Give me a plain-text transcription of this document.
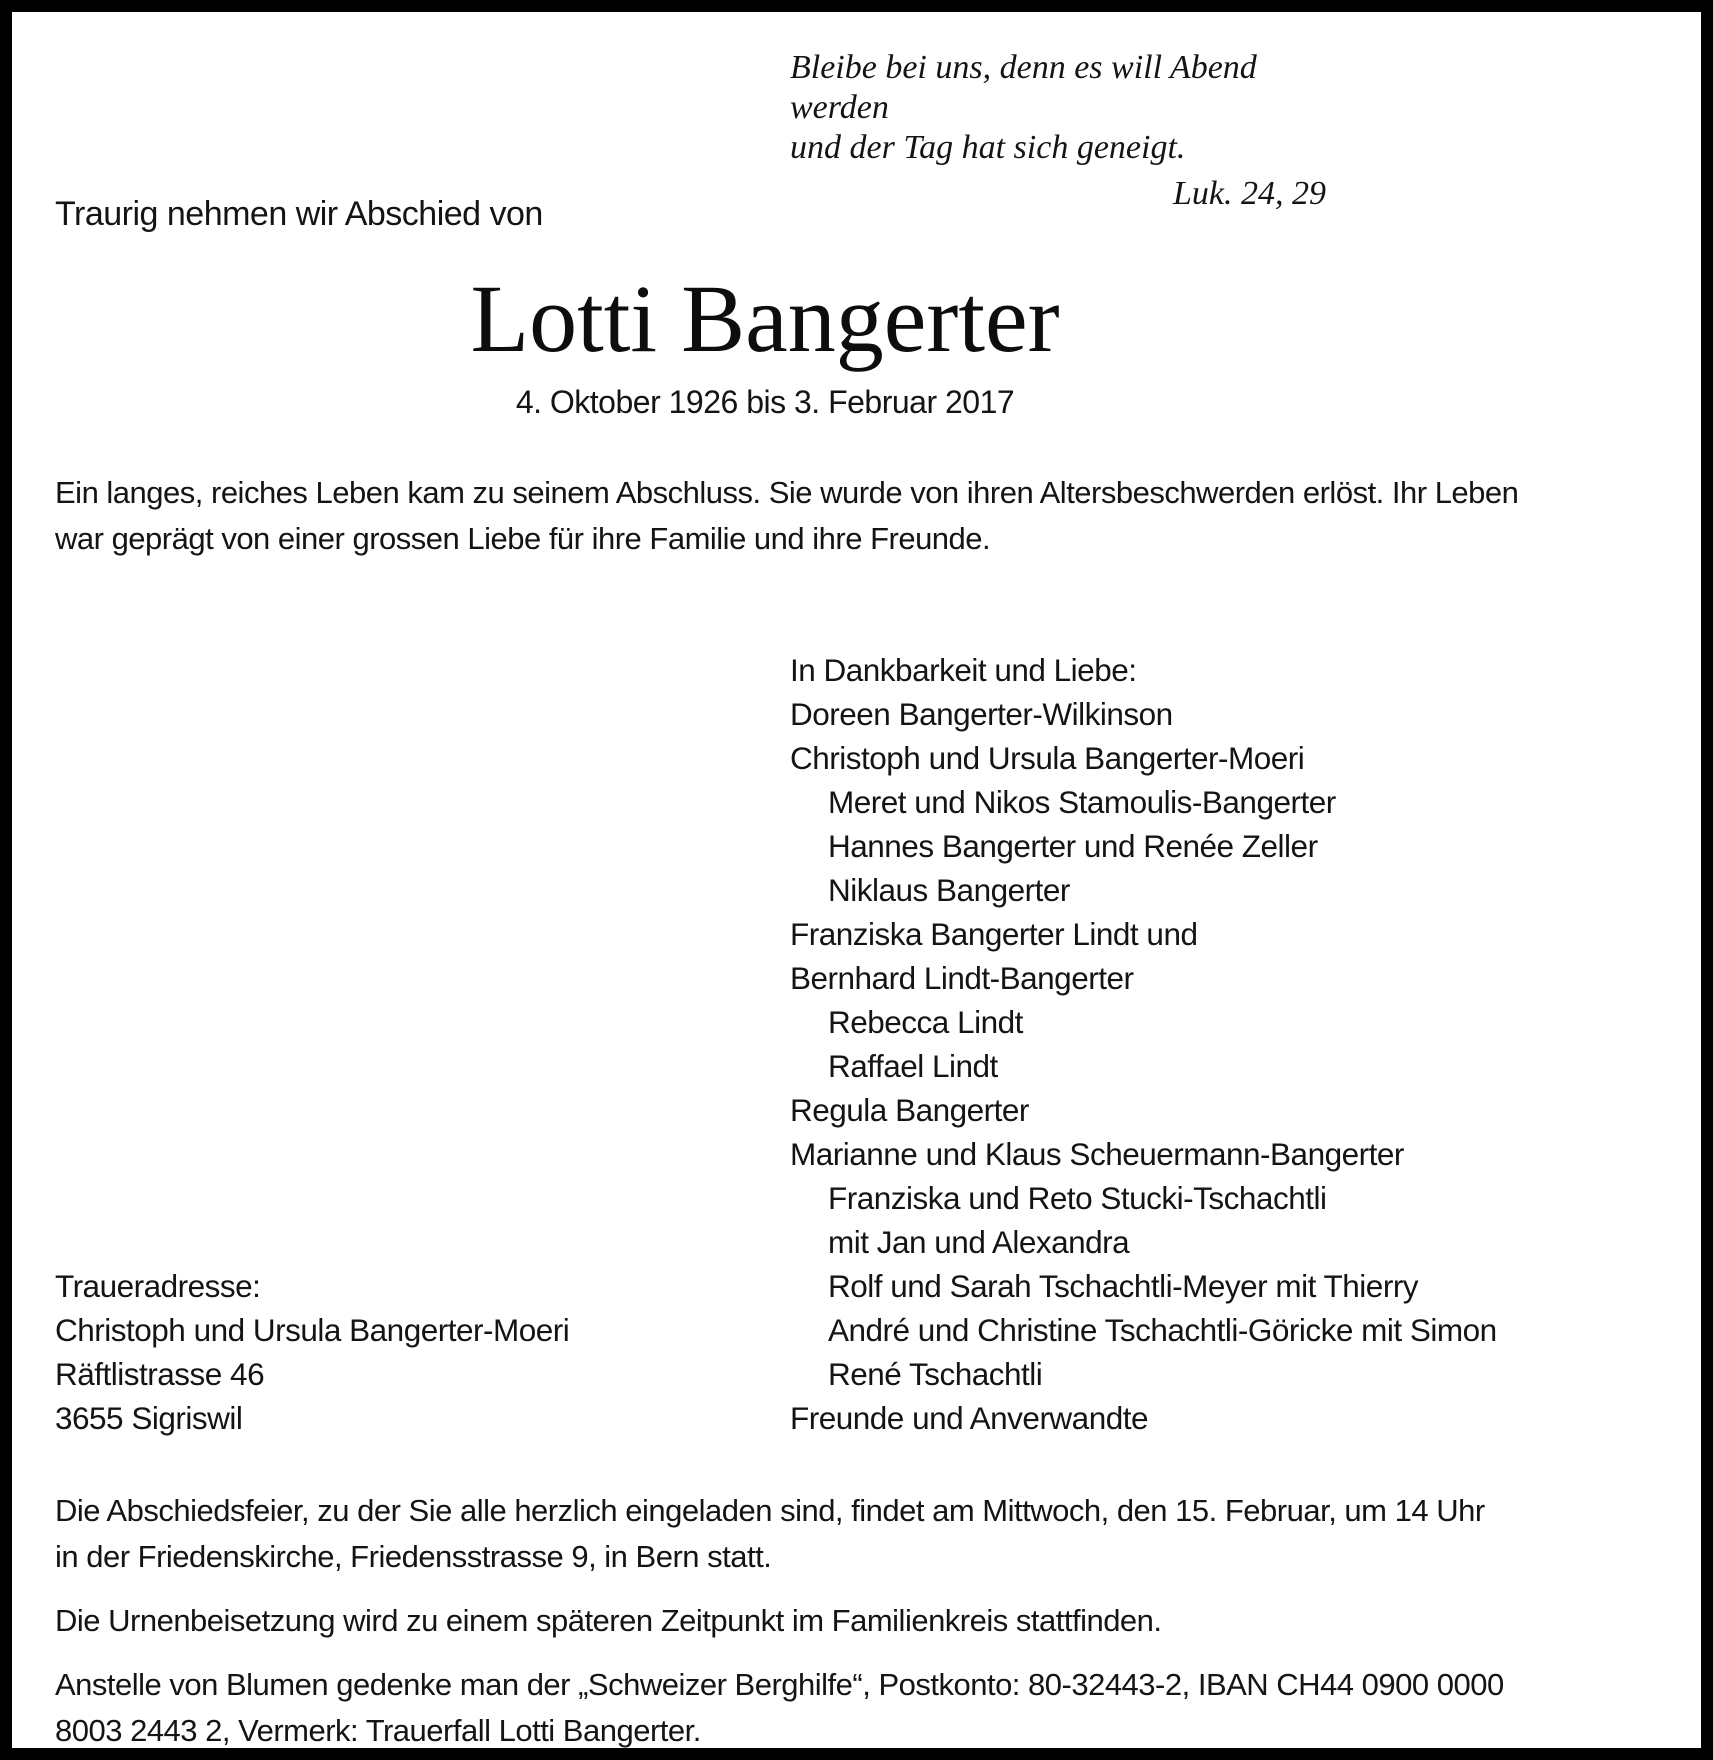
Bleibe bei uns, denn es will Abend werden
und der Tag hat sich geneigt.
Luk. 24, 29
Traurig nehmen wir Abschied von
Lotti Bangerter
4. Oktober 1926 bis 3. Februar 2017
Ein langes, reiches Leben kam zu seinem Abschluss. Sie wurde von ihren Altersbeschwerden erlöst. Ihr Leben
war geprägt von einer grossen Liebe für ihre Familie und ihre Freunde.
In Dankbarkeit und Liebe:
Doreen Bangerter-Wilkinson
Christoph und Ursula Bangerter-Moeri
Meret und Nikos Stamoulis-Bangerter
Hannes Bangerter und Renée Zeller
Niklaus Bangerter
Franziska Bangerter Lindt und
Bernhard Lindt-Bangerter
Rebecca Lindt
Raffael Lindt
Regula Bangerter
Marianne und Klaus Scheuermann-Bangerter
Franziska und Reto Stucki-Tschachtli
mit Jan und Alexandra
Rolf und Sarah Tschachtli-Meyer mit Thierry
André und Christine Tschachtli-Göricke mit Simon
René Tschachtli
Freunde und Anverwandte
Traueradresse:
Christoph und Ursula Bangerter-Moeri
Räftlistrasse 46
3655 Sigriswil
Die Abschiedsfeier, zu der Sie alle herzlich eingeladen sind, findet am Mittwoch, den 15. Februar, um 14 Uhr
in der Friedenskirche, Friedensstrasse 9, in Bern statt.
Die Urnenbeisetzung wird zu einem späteren Zeitpunkt im Familienkreis stattfinden.
Anstelle von Blumen gedenke man der „Schweizer Berghilfe“, Postkonto: 80-32443-2, IBAN CH44 0900 0000
8003 2443 2, Vermerk: Trauerfall Lotti Bangerter.
